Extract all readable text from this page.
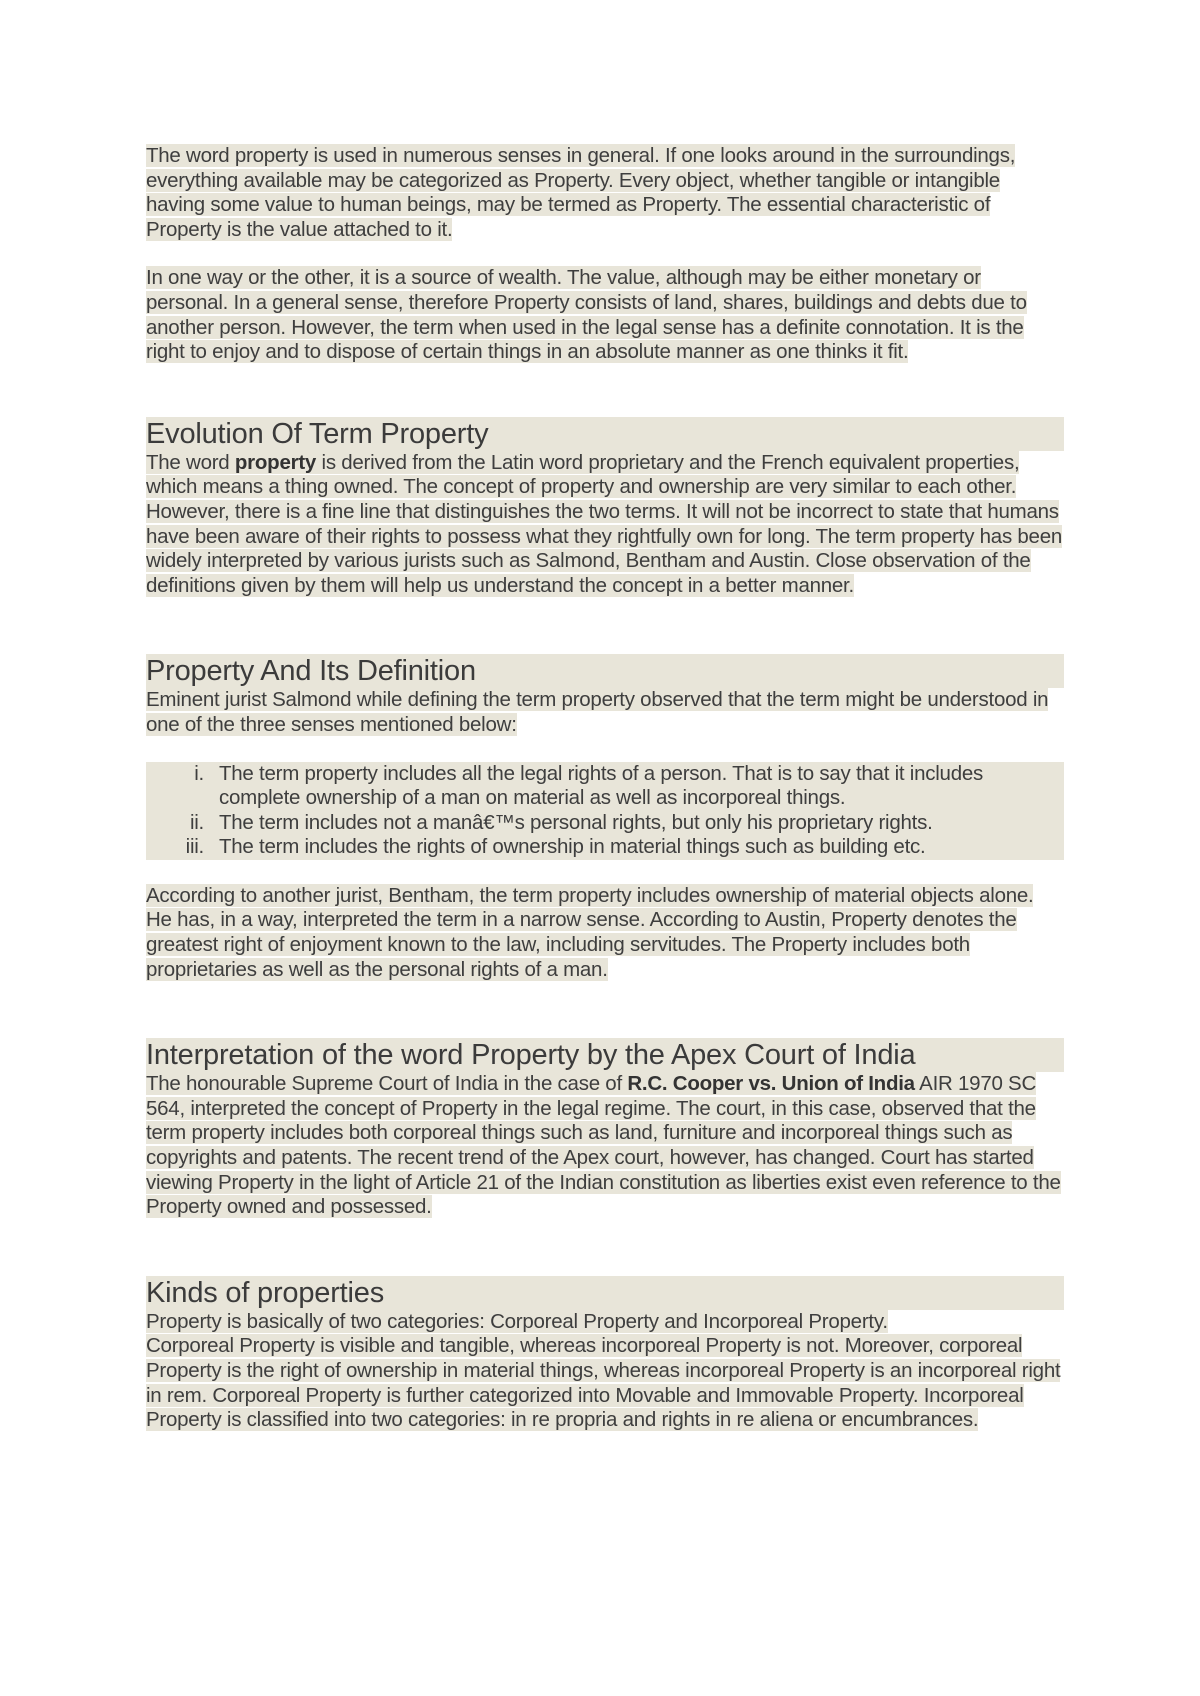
The word property is used in numerous senses in general. If one looks around in the surroundings, everything available may be categorized as Property. Every object, whether tangible or intangible having some value to human beings, may be termed as Property. The essential characteristic of Property is the value attached to it.

In one way or the other, it is a source of wealth. The value, although may be either monetary or personal. In a general sense, therefore Property consists of land, shares, buildings and debts due to another person. However, the term when used in the legal sense has a definite connotation. It is the right to enjoy and to dispose of certain things in an absolute manner as one thinks it fit.

Evolution Of Term Property

The word property is derived from the Latin word proprietary and the French equivalent properties, which means a thing owned. The concept of property and ownership are very similar to each other. However, there is a fine line that distinguishes the two terms. It will not be incorrect to state that humans have been aware of their rights to possess what they rightfully own for long. The term property has been widely interpreted by various jurists such as Salmond, Bentham and Austin. Close observation of the definitions given by them will help us understand the concept in a better manner.

Property And Its Definition

Eminent jurist Salmond while defining the term property observed that the term might be understood in one of the three senses mentioned below:

i. The term property includes all the legal rights of a person. That is to say that it includes complete ownership of a man on material as well as incorporeal things.
ii. The term includes not a manâ€™s personal rights, but only his proprietary rights.
iii. The term includes the rights of ownership in material things such as building etc.

According to another jurist, Bentham, the term property includes ownership of material objects alone. He has, in a way, interpreted the term in a narrow sense. According to Austin, Property denotes the greatest right of enjoyment known to the law, including servitudes. The Property includes both proprietaries as well as the personal rights of a man.

Interpretation of the word Property by the Apex Court of India

The honourable Supreme Court of India in the case of R.C. Cooper vs. Union of India AIR 1970 SC 564, interpreted the concept of Property in the legal regime. The court, in this case, observed that the term property includes both corporeal things such as land, furniture and incorporeal things such as copyrights and patents. The recent trend of the Apex court, however, has changed. Court has started viewing Property in the light of Article 21 of the Indian constitution as liberties exist even reference to the Property owned and possessed.

Kinds of properties

Property is basically of two categories: Corporeal Property and Incorporeal Property.

Corporeal Property is visible and tangible, whereas incorporeal Property is not. Moreover, corporeal Property is the right of ownership in material things, whereas incorporeal Property is an incorporeal right in rem. Corporeal Property is further categorized into Movable and Immovable Property. Incorporeal Property is classified into two categories: in re propria and rights in re aliena or encumbrances.
